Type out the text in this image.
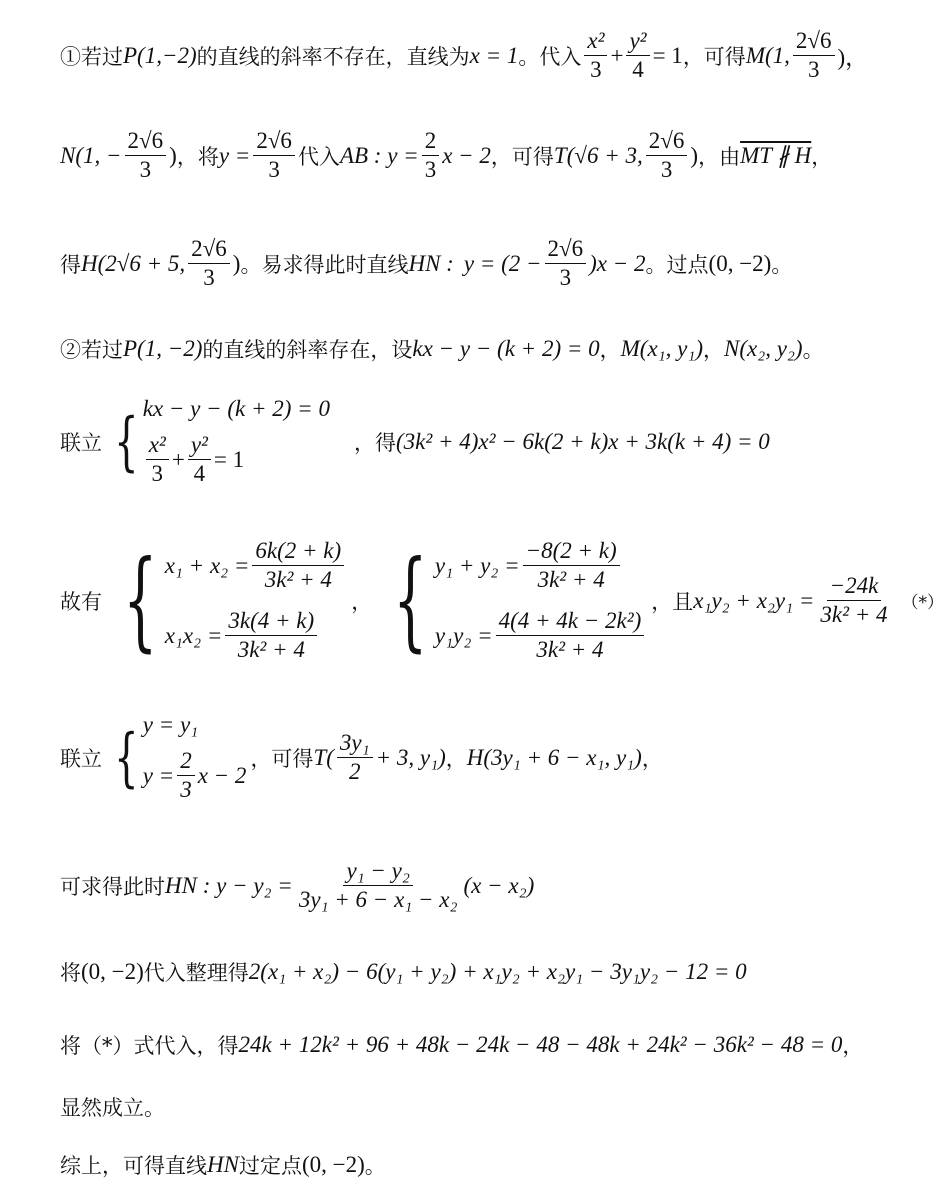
①若过 P(1,−2) 的直线的斜率不存在，直线为 x = 1 。代入 $\frac{\text{x²}}{3} + \frac{\text{y²}}{4} = 1$ ，可得 M(1, $\frac{2√6}{3}$ )，
N(1, − $\frac{2√6}{3}$ ) ，将 $y = \frac{2√6}{3}$ 代入 AB : $y = \frac{2}{3}$ x − 2 ，可得 T(√6 + 3, $\frac{2√6}{3}$ ) ，由 MT ∦ H ，
得 H(2√6 + 5, $\frac{2√6}{3}$ ) 。易求得此时直线 HN : $y = (2 - \frac{2√6}{3} )x - 2$ 。过点 (0, −2) 。
②若过 P(1, −2) 的直线的斜率存在，设 kx − y − (k + 2) = 0 ， M(x₁, y₁) ， N(x₂, y₂) 。
联立 { kx − y − (k + 2) = 0
$\frac{\text{x²}}{3} + \frac{\text{y²}}{4} = 1$
，得 (3k² + 4)x² − 6k(2 + k)x + 3k(k + 4) = 0
故有 { $x_1 + x_2 = \frac{6k(2 + k)}{\text{3k² + 4}}$
$x_1x_2 = \frac{3k(4 + k)}{\text{3k² + 4}}$
， { $y_1 + y_2 = \frac{-8(2 + k)}{\text{3k² + 4}}$
$y_1y_2 = \frac{\text{4(4 + 4k − 2k²)}}{\text{3k² + 4}}$
，且 $x_1y_2 + x_2y_1 = \frac{-24k}{\text{3k² + 4}}$ （*）
联立 { y = y₁
$y = \frac{2}{3}$ x − 2
，可得 $T( \frac{\text{3y₁}}{2} + 3$, y₁) ， H(3y₁ + 6 − x₁, y₁) ，
可求得此时 HN : $y - y_2 = \frac{\text{y₁ − y₂}}{\text{3y₁ + 6 − x₁ − x₂}} (x - x_2)$
将 (0, −2) 代入整理得 2(x₁ + x₂) − 6(y₁ + y₂) + x₁y₂ + x₂y₁ − 3y₁y₂ − 12 = 0
将（*）式代入，得 24k + 12k² + 96 + 48k − 24k − 48 − 48k + 24k² − 36k² − 48 = 0 ，
显然成立。
综上，可得直线 HN 过定点 (0, −2) 。
